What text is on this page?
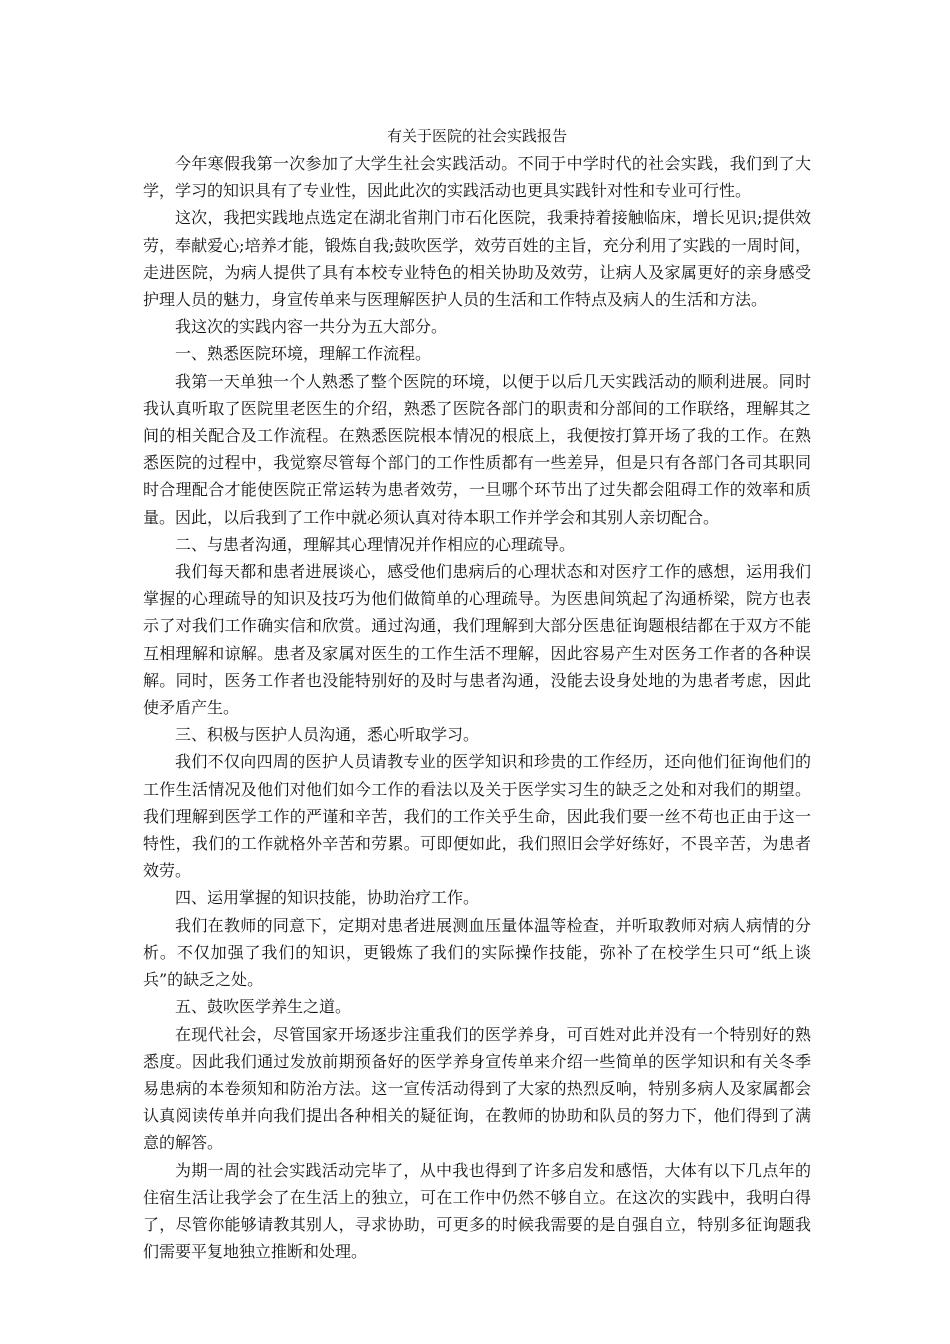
有关于医院的社会实践报告

今年寒假我第一次参加了大学生社会实践活动。不同于中学时代的社会实践，我们到了大学，学习的知识具有了专业性，因此此次的实践活动也更具实践针对性和专业可行性。

这次，我把实践地点选定在湖北省荆门市石化医院，我秉持着接触临床，增长见识;提供效劳，奉献爱心;培养才能，锻炼自我;鼓吹医学，效劳百姓的主旨，充分利用了实践的一周时间，走进医院，为病人提供了具有本校专业特色的相关协助及效劳，让病人及家属更好的亲身感受护理人员的魅力，身宣传单来与医理解医护人员的生活和工作特点及病人的生活和方法。

我这次的实践内容一共分为五大部分。

一、熟悉医院环境，理解工作流程。

我第一天单独一个人熟悉了整个医院的环境，以便于以后几天实践活动的顺利进展。同时我认真听取了医院里老医生的介绍，熟悉了医院各部门的职责和分部间的工作联络，理解其之间的相关配合及工作流程。在熟悉医院根本情况的根底上，我便按打算开场了我的工作。在熟悉医院的过程中，我觉察尽管每个部门的工作性质都有一些差异，但是只有各部门各司其职同时合理配合才能使医院正常运转为患者效劳，一旦哪个环节出了过失都会阻碍工作的效率和质量。因此，以后我到了工作中就必须认真对待本职工作并学会和其别人亲切配合。

二、与患者沟通，理解其心理情况并作相应的心理疏导。

我们每天都和患者进展谈心，感受他们患病后的心理状态和对医疗工作的感想，运用我们掌握的心理疏导的知识及技巧为他们做简单的心理疏导。为医患间筑起了沟通桥梁，院方也表示了对我们工作确实信和欣赏。通过沟通，我们理解到大部分医患征询题根结都在于双方不能互相理解和谅解。患者及家属对医生的工作生活不理解，因此容易产生对医务工作者的各种误解。同时，医务工作者也没能特别好的及时与患者沟通，没能去设身处地的为患者考虑，因此使矛盾产生。

三、积极与医护人员沟通，悉心听取学习。

我们不仅向四周的医护人员请教专业的医学知识和珍贵的工作经历，还向他们征询他们的工作生活情况及他们对他们如今工作的看法以及关于医学实习生的缺乏之处和对我们的期望。我们理解到医学工作的严谨和辛苦，我们的工作关乎生命，因此我们要一丝不苟也正由于这一特性，我们的工作就格外辛苦和劳累。可即便如此，我们照旧会学好练好，不畏辛苦，为患者效劳。

四、运用掌握的知识技能，协助治疗工作。

我们在教师的同意下，定期对患者进展测血压量体温等检查，并听取教师对病人病情的分析。不仅加强了我们的知识，更锻炼了我们的实际操作技能，弥补了在校学生只可“纸上谈兵”的缺乏之处。

五、鼓吹医学养生之道。

在现代社会，尽管国家开场逐步注重我们的医学养身，可百姓对此并没有一个特别好的熟悉度。因此我们通过发放前期预备好的医学养身宣传单来介绍一些简单的医学知识和有关冬季易患病的本卷须知和防治方法。这一宣传活动得到了大家的热烈反响，特别多病人及家属都会认真阅读传单并向我们提出各种相关的疑征询，在教师的协助和队员的努力下，他们得到了满意的解答。

为期一周的社会实践活动完毕了，从中我也得到了许多启发和感悟，大体有以下几点年的住宿生活让我学会了在生活上的独立，可在工作中仍然不够自立。在这次的实践中，我明白得了，尽管你能够请教其别人，寻求协助，可更多的时候我需要的是自强自立，特别多征询题我们需要平复地独立推断和处理。
